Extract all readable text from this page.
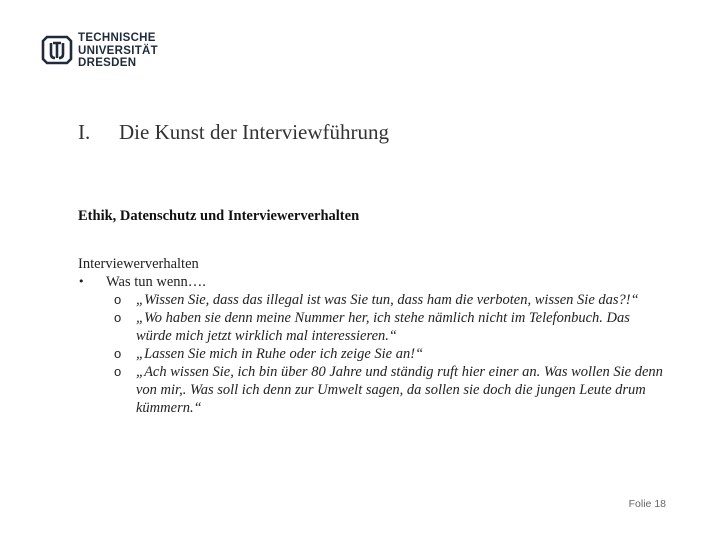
TECHNISCHE
UNIVERSITÄT
DRESDEN
I. Die Kunst der Interviewführung
Ethik, Datenschutz und Interviewerverhalten
Interviewerverhalten
• Was tun wenn….
o „Wissen Sie, dass das illegal ist was Sie tun, dass ham die verboten, wissen Sie das?!“
o „Wo haben sie denn meine Nummer her, ich stehe nämlich nicht im Telefonbuch. Das würde mich jetzt wirklich mal interessieren.“
o „Lassen Sie mich in Ruhe oder ich zeige Sie an!“
o „Ach wissen Sie, ich bin über 80 Jahre und ständig ruft hier einer an. Was wollen Sie denn von mir,. Was soll ich denn zur Umwelt sagen, da sollen sie doch die jungen Leute drum kümmern.“
Folie 18
